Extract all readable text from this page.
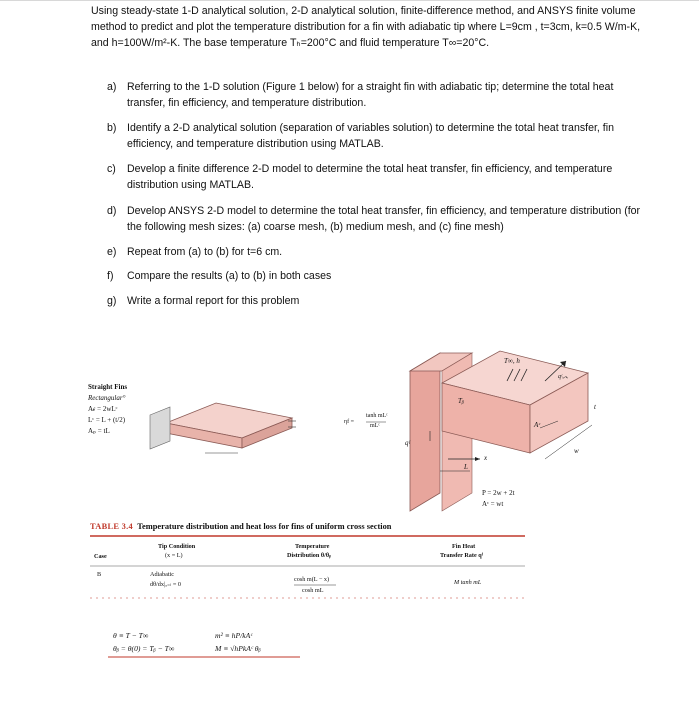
Using steady-state 1-D analytical solution, 2-D analytical solution, finite-difference method, and ANSYS finite volume method to predict and plot the temperature distribution for a fin with adiabatic tip where L=9cm , t=3cm, k=0.5 W/m-K, and h=100W/m²-K. The base temperature Tₕ=200°C and fluid temperature T∞=20°C.
a) Referring to the 1-D solution (Figure 1 below) for a straight fin with adiabatic tip; determine the total heat transfer, fin efficiency, and temperature distribution.
b) Identify a 2-D analytical solution (separation of variables solution) to determine the total heat transfer, fin efficiency, and temperature distribution using MATLAB.
c) Develop a finite difference 2-D model to determine the total heat transfer, fin efficiency, and temperature distribution using MATLAB.
d) Develop ANSYS 2-D model to determine the total heat transfer, fin efficiency, and temperature distribution (for the following mesh sizes: (a) coarse mesh, (b) medium mesh, and (c) fine mesh)
e) Repeat from (a) to (b) for t=6 cm.
f) Compare the results (a) to (b) in both cases
g) Write a formal report for this problem
Straight Fins
Rectangular°
Aᵳ = 2wLᶜ
Lᶜ = L + (t/2)
Aₚ = tL
ηf =
tanh mLᶜ
mLᶜ
T∞, h
qᶜₒₙᵥ
Tᵦ
qᶠ
Aᶜ
t
w
L
x
P = 2w + 2t
Aᶜ = wt
TABLE 3.4 Temperature distribution and heat loss for fins of uniform cross section
Case
Tip Condition
(x = L)
Temperature
Distribution θ/θᵦ
Fin Heat
Transfer Rate qᶠ
B	Adiabatic
dθ/dx|ₓ₌ₗ = 0
cosh m(L − x)
cosh mL
M tanh mL
θ ≡ T − T∞
θᵦ = θ(0) = Tᵦ − T∞
m² ≡ hP/kAᶜ
M ≡ √hPkAᶜ θᵦ
